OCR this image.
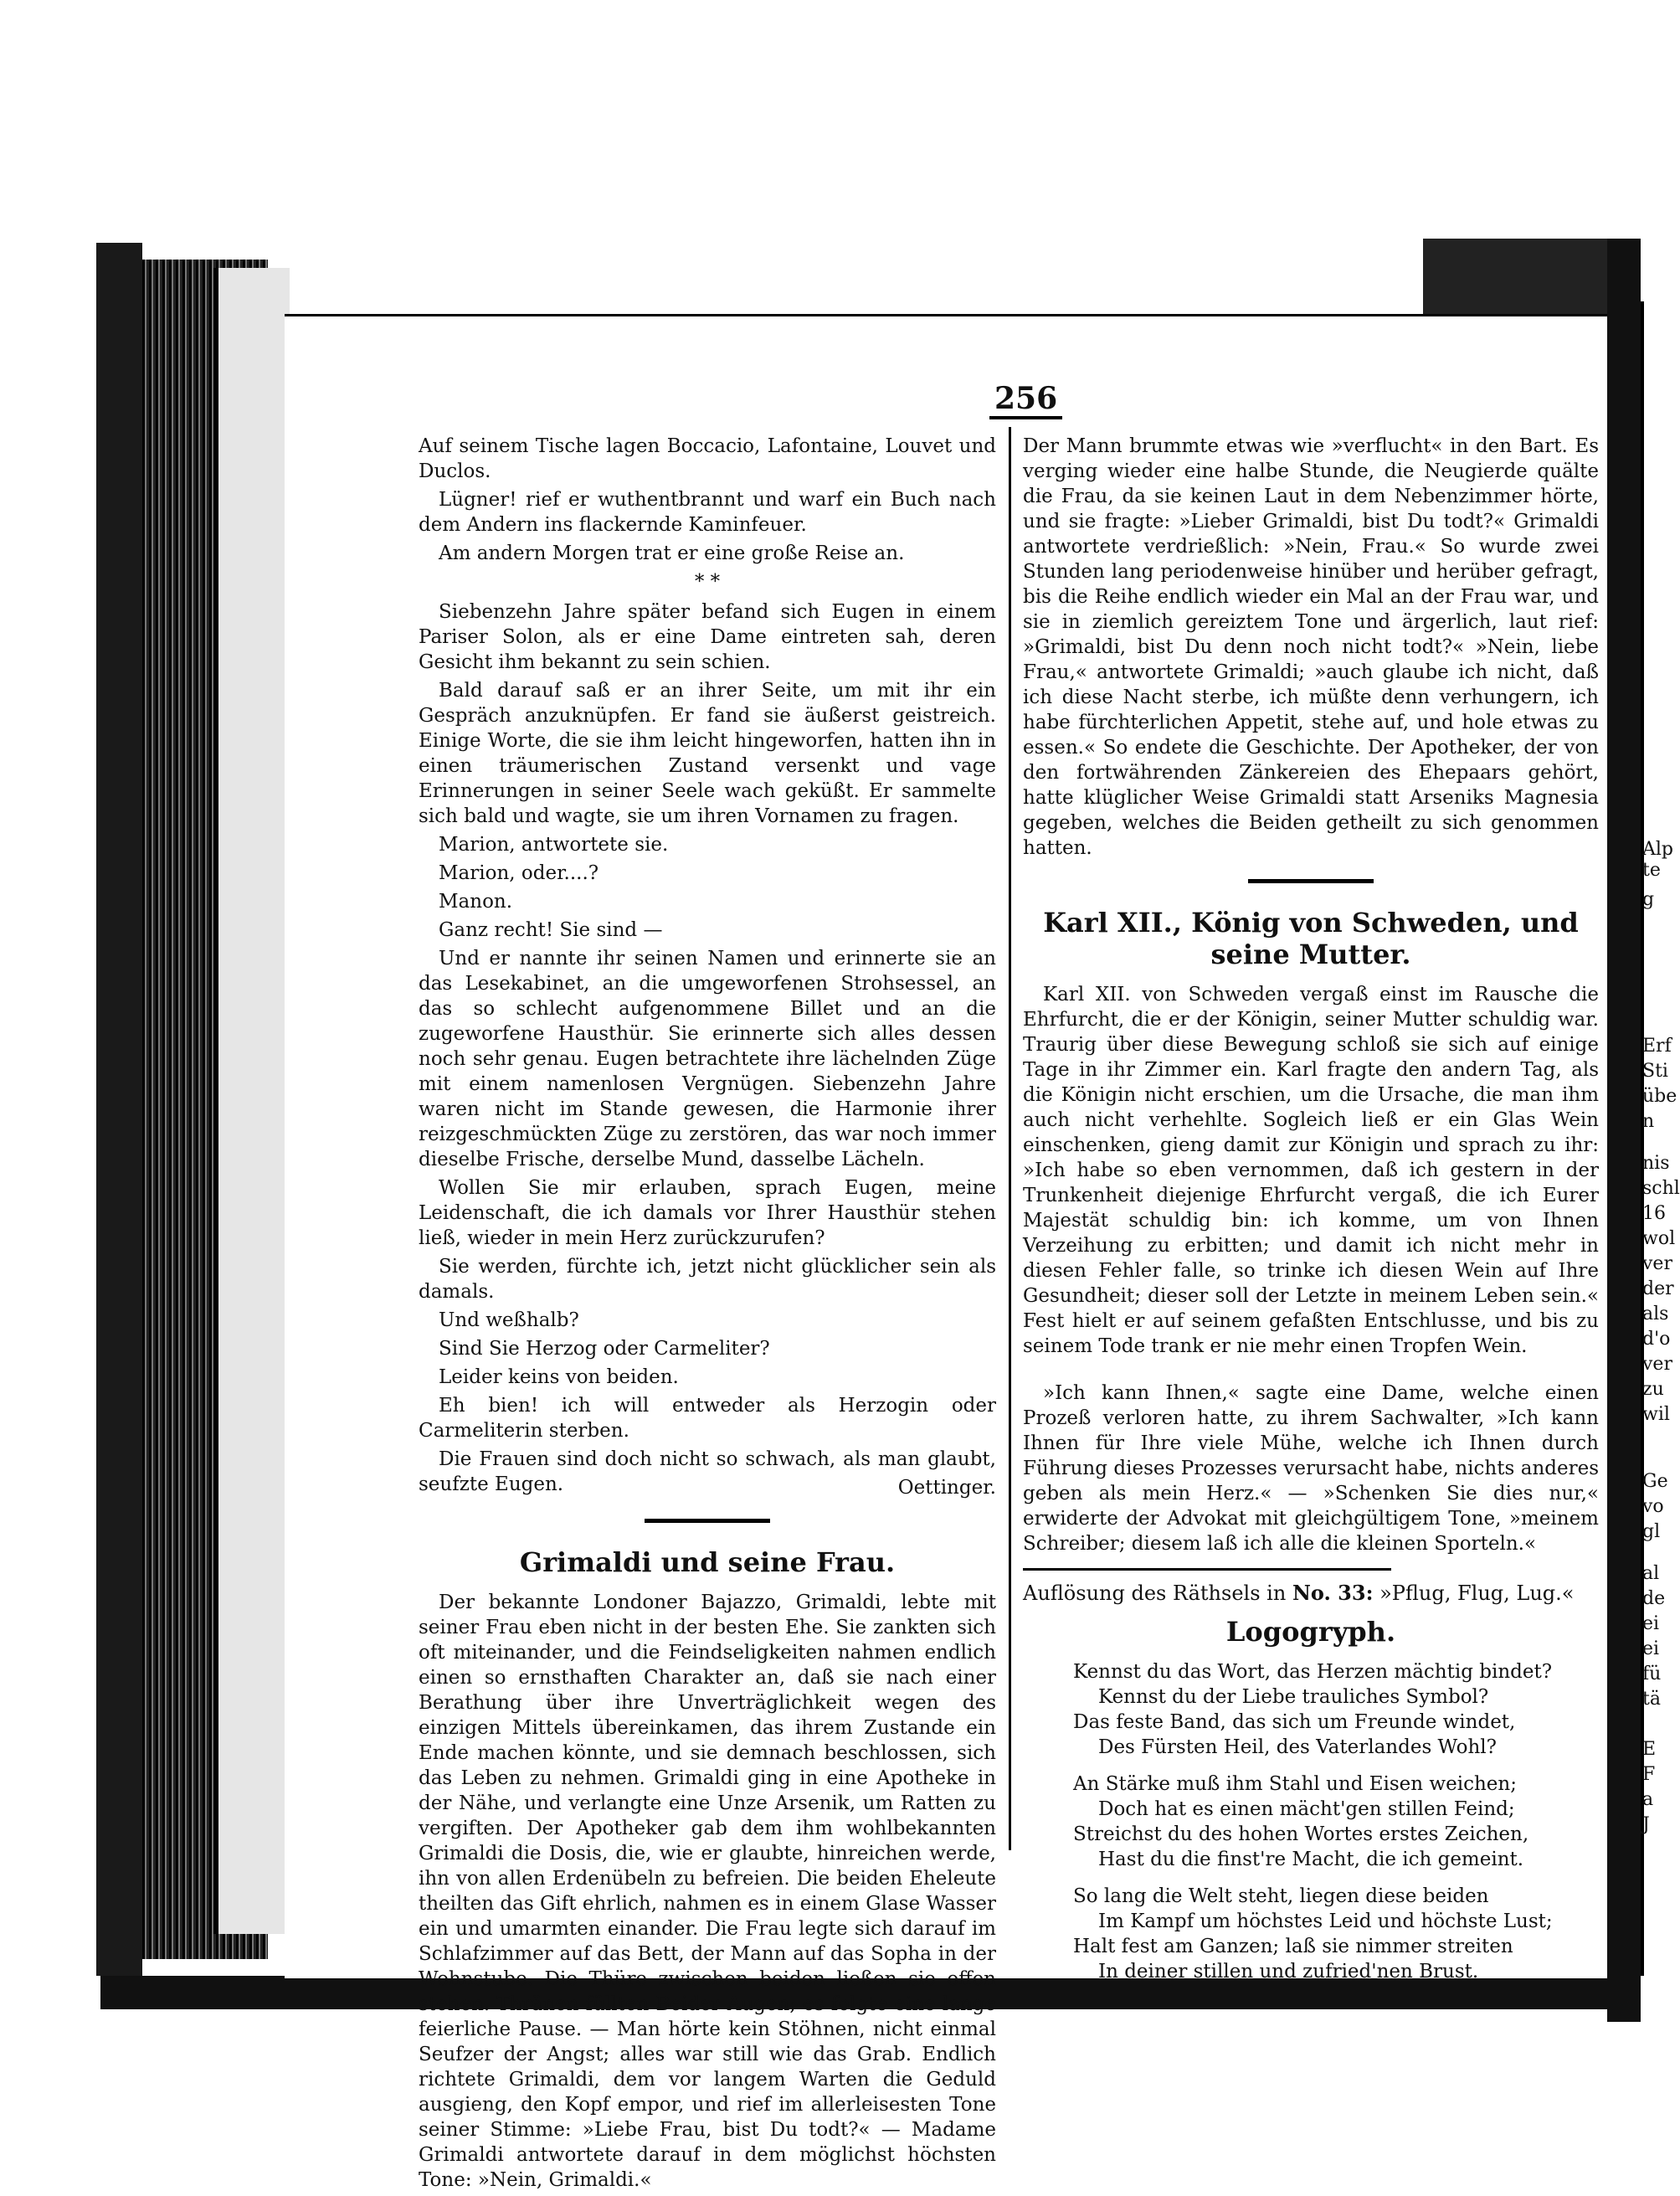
256

Auf seinem Tische lagen Boccacio, Lafontaine, Louvet und Duclos.

Lügner! rief er wuthentbrannt und warf ein Buch nach dem Andern ins flackernde Kaminfeuer.

Am andern Morgen trat er eine große Reise an.

* *

Siebenzehn Jahre später befand sich Eugen in einem Pariser Solon, als er eine Dame eintreten sah, deren Gesicht ihm bekannt zu sein schien.

Bald darauf saß er an ihrer Seite, um mit ihr ein Gespräch anzuknüpfen. Er fand sie äußerst geistreich. Einige Worte, die sie ihm leicht hingeworfen, hatten ihn in einen träumerischen Zustand versenkt und vage Erinnerungen in seiner Seele wach geküßt. Er sammelte sich bald und wagte, sie um ihren Vornamen zu fragen.

Marion, antwortete sie.

Marion, oder....?

Manon.

Ganz recht! Sie sind —

Und er nannte ihr seinen Namen und erinnerte sie an das Lesekabinet, an die umgeworfenen Strohsessel, an das so schlecht aufgenommene Billet und an die zugeworfene Hausthür. Sie erinnerte sich alles dessen noch sehr genau. Eugen betrachtete ihre lächelnden Züge mit einem namenlosen Vergnügen. Siebenzehn Jahre waren nicht im Stande gewesen, die Harmonie ihrer reizgeschmückten Züge zu zerstören, das war noch immer dieselbe Frische, derselbe Mund, dasselbe Lächeln.

Wollen Sie mir erlauben, sprach Eugen, meine Leidenschaft, die ich damals vor Ihrer Hausthür stehen ließ, wieder in mein Herz zurückzurufen?

Sie werden, fürchte ich, jetzt nicht glücklicher sein als damals.

Und weßhalb?

Sind Sie Herzog oder Carmeliter?

Leider keins von beiden.

Eh bien! ich will entweder als Herzogin oder Carmeliterin sterben.

Die Frauen sind doch nicht so schwach, als man glaubt, seufzte Eugen.	Oettinger.
Grimaldi und seine Frau.

Der bekannte Londoner Bajazzo, Grimaldi, lebte mit seiner Frau eben nicht in der besten Ehe. Sie zankten sich oft miteinander, und die Feindseligkeiten nahmen endlich einen so ernsthaften Charakter an, daß sie nach einer Berathung über ihre Unverträglichkeit wegen des einzigen Mittels übereinkamen, das ihrem Zustande ein Ende machen könnte, und sie demnach beschlossen, sich das Leben zu nehmen. Grimaldi ging in eine Apotheke in der Nähe, und verlangte eine Unze Arsenik, um Ratten zu vergiften. Der Apotheker gab dem ihm wohlbekannten Grimaldi die Dosis, die, wie er glaubte, hinreichen werde, ihn von allen Erdenübeln zu befreien. Die beiden Eheleute theilten das Gift ehrlich, nahmen es in einem Glase Wasser ein und umarmten einander. Die Frau legte sich darauf im Schlafzimmer auf das Bett, der Mann auf das Sopha in der Wohnstube. Die Thüre zwischen beiden ließen sie offen stehen. Thränen füllten Beider Augen; es folgte eine lange feierliche Pause. — Man hörte kein Stöhnen, nicht einmal Seufzer der Angst; alles war still wie das Grab. Endlich richtete Grimaldi, dem vor langem Warten die Geduld ausgieng, den Kopf empor, und rief im allerleisesten Tone seiner Stimme: »Liebe Frau, bist Du todt?« — Madame Grimaldi antwortete darauf in dem möglichst höchsten Tone: »Nein, Grimaldi.«

Der Mann brummte etwas wie »verflucht« in den Bart. Es verging wieder eine halbe Stunde, die Neugierde quälte die Frau, da sie keinen Laut in dem Nebenzimmer hörte, und sie fragte: »Lieber Grimaldi, bist Du todt?« Grimaldi antwortete verdrießlich: »Nein, Frau.« So wurde zwei Stunden lang periodenweise hinüber und herüber gefragt, bis die Reihe endlich wieder ein Mal an der Frau war, und sie in ziemlich gereiztem Tone und ärgerlich, laut rief: »Grimaldi, bist Du denn noch nicht todt?« »Nein, liebe Frau,« antwortete Grimaldi; »auch glaube ich nicht, daß ich diese Nacht sterbe, ich müßte denn verhungern, ich habe fürchterlichen Appetit, stehe auf, und hole etwas zu essen.« So endete die Geschichte. Der Apotheker, der von den fortwährenden Zänkereien des Ehepaars gehört, hatte klüglicher Weise Grimaldi statt Arseniks Magnesia gegeben, welches die Beiden getheilt zu sich genommen hatten.

Karl XII., König von Schweden, und seine Mutter.

Karl XII. von Schweden vergaß einst im Rausche die Ehrfurcht, die er der Königin, seiner Mutter schuldig war. Traurig über diese Bewegung schloß sie sich auf einige Tage in ihr Zimmer ein. Karl fragte den andern Tag, als die Königin nicht erschien, um die Ursache, die man ihm auch nicht verhehlte. Sogleich ließ er ein Glas Wein einschenken, gieng damit zur Königin und sprach zu ihr: »Ich habe so eben vernommen, daß ich gestern in der Trunkenheit diejenige Ehrfurcht vergaß, die ich Eurer Majestät schuldig bin: ich komme, um von Ihnen Verzeihung zu erbitten; und damit ich nicht mehr in diesen Fehler falle, so trinke ich diesen Wein auf Ihre Gesundheit; dieser soll der Letzte in meinem Leben sein.« Fest hielt er auf seinem gefaßten Entschlusse, und bis zu seinem Tode trank er nie mehr einen Tropfen Wein.

»Ich kann Ihnen,« sagte eine Dame, welche einen Prozeß verloren hatte, zu ihrem Sachwalter, »Ich kann Ihnen für Ihre viele Mühe, welche ich Ihnen durch Führung dieses Prozesses verursacht habe, nichts anderes geben als mein Herz.« — »Schenken Sie dies nur,« erwiderte der Advokat mit gleichgültigem Tone, »meinem Schreiber; diesem laß ich alle die kleinen Sporteln.«

Auflösung des Räthsels in No. 33: »Pflug, Flug, Lug.«
Logogryph.
Kennst du das Wort, das Herzen mächtig bindet?
Kennst du der Liebe trauliches Symbol?
Das feste Band, das sich um Freunde windet,
Des Fürsten Heil, des Vaterlandes Wohl?
An Stärke muß ihm Stahl und Eisen weichen;
Doch hat es einen mächt'gen stillen Feind;
Streichst du des hohen Wortes erstes Zeichen,
Hast du die finst're Macht, die ich gemeint.
So lang die Welt steht, liegen diese beiden
Im Kampf um höchstes Leid und höchste Lust;
Halt fest am Ganzen; laß sie nimmer streiten
In deiner stillen und zufried'nen Brust.
Alp
te
g
Erf
Sti
übe
n
nis
schl
16
wol
ver
der
als
d'o
ver
zu
wil
Ge
vo
gl
al
de
ei
ei
fü
tä
E
F
a
J
